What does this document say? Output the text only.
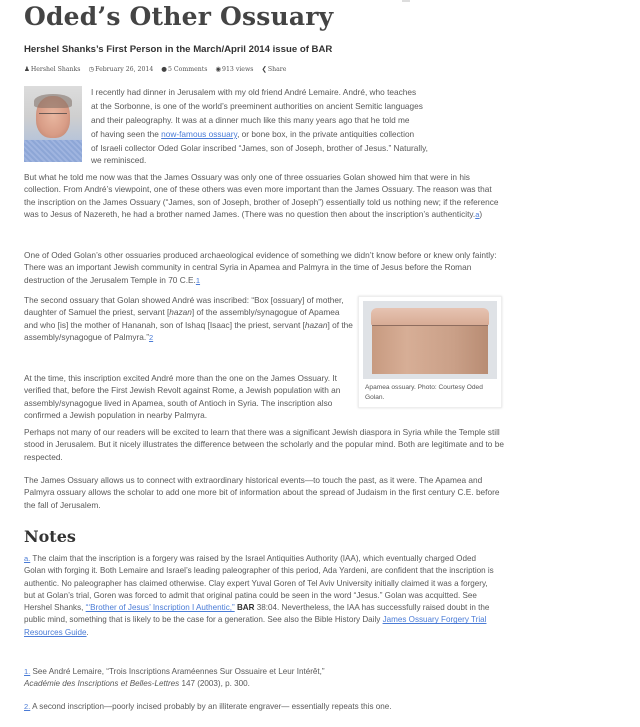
Oded’s Other Ossuary
Hershel Shanks’s First Person in the March/April 2014 issue of BAR
♟ Hershel Shanks ◷ February 26, 2014 ● 5 Comments ◉ 913 views ❮ Share

I recently had dinner in Jerusalem with my old friend André Lemaire. André, who teaches

at the Sorbonne, is one of the world’s preeminent authorities on ancient Semitic languages

and their paleography. It was at a dinner much like this many years ago that he told me

of having seen the now-famous ossuary, or bone box, in the private antiquities collection

of Israeli collector Oded Golar inscribed “James, son of Joseph, brother of Jesus.” Naturally,

we reminisced.

But what he told me now was that the James Ossuary was only one of three ossuaries Golan showed him that were in his collection. From André’s viewpoint, one of these others was even more important than the James Ossuary. The reason was that the inscription on the James Ossuary (“James, son of Joseph, brother of Joseph”) essentially told us nothing new; if the reference was to Jesus of Nazereth, he had a brother named James. (There was no question then about the inscription’s authenticity.a)

One of Oded Golan’s other ossuaries produced archaeological evidence of something we didn’t know before or knew only faintly: There was an important Jewish community in central Syria in Apamea and Palmyra in the time of Jesus before the Roman destruction of the Jerusalem Temple in 70 C.E.1

The second ossuary that Golan showed André was inscribed: “Box [ossuary] of mother, daughter of Samuel the priest, servant [hazan] of the assembly/synagogue of Apamea and who [is] the mother of Hananah, son of Ishaq [Isaac] the priest, servant [hazan] of the assembly/synagogue of Palmyra.”2

Apamea ossuary. Photo: Courtesy Oded Golan.

At the time, this inscription excited André more than the one on the James Ossuary. It verified that, before the First Jewish Revolt against Rome, a Jewish population with an assembly/synagogue lived in Apamea, south of Antioch in Syria. The inscription also confirmed a Jewish population in nearby Palmyra.

Perhaps not many of our readers will be excited to learn that there was a significant Jewish diaspora in Syria while the Temple still stood in Jerusalem. But it nicely illustrates the difference between the scholarly and the popular mind. Both are legitimate and to be respected.

The James Ossuary allows us to connect with extraordinary historical events—to touch the past, as it were. The Apamea and Palmyra ossuary allows the scholar to add one more bit of information about the spread of Judaism in the first century C.E. before the fall of Jerusalem.

Notes

a. The claim that the inscription is a forgery was raised by the Israel Antiquities Authority (IAA), which eventually charged Oded Golan with forging it. Both Lemaire and Israel’s leading paleographer of this period, Ada Yardeni, are confident that the inscription is authentic. No paleographer has claimed otherwise. Clay expert Yuval Goren of Tel Aviv University initially claimed it was a forgery, but at Golan’s trial, Goren was forced to admit that original patina could be seen in the word “Jesus.” Golan was acquitted. See Hershel Shanks, “‘Brother of Jesus’ Inscription I Authentic,” BAR 38:04. Nevertheless, the IAA has successfully raised doubt in the public mind, something that is likely to be the case for a generation. See also the Bible History Daily James Ossuary Forgery Trial Resources Guide.

1. See André Lemaire, “Trois Inscriptions Araméennes Sur Ossuaire et Leur Intérêt,”
Académie des Inscriptions et Belles-Lettres 147 (2003), p. 300.

2. A second inscription—poorly incised probably by an illiterate engraver— essentially repeats this one.
